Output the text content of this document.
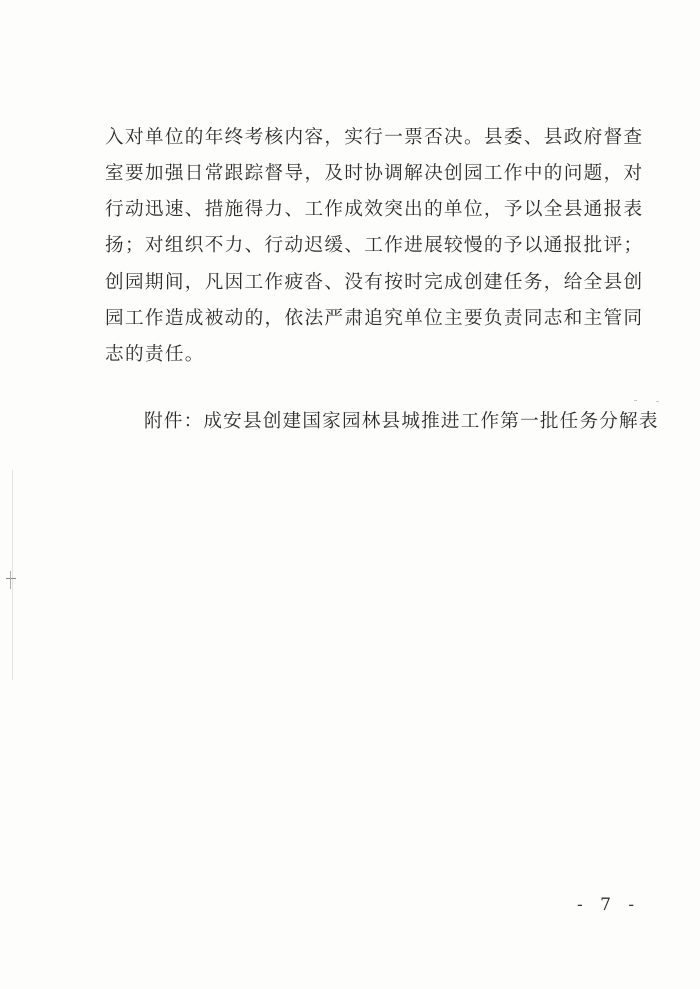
入对单位的年终考核内容，实行一票否决。县委、县政府督查
室要加强日常跟踪督导，及时协调解决创园工作中的问题，对
行动迅速、措施得力、工作成效突出的单位，予以全县通报表
扬；对组织不力、行动迟缓、工作进展较慢的予以通报批评；
创园期间，凡因工作疲沓、没有按时完成创建任务，给全县创
园工作造成被动的，依法严肃追究单位主要负责同志和主管同
志的责任。
附件：成安县创建国家园林县城推进工作第一批任务分解表
- 7 -
